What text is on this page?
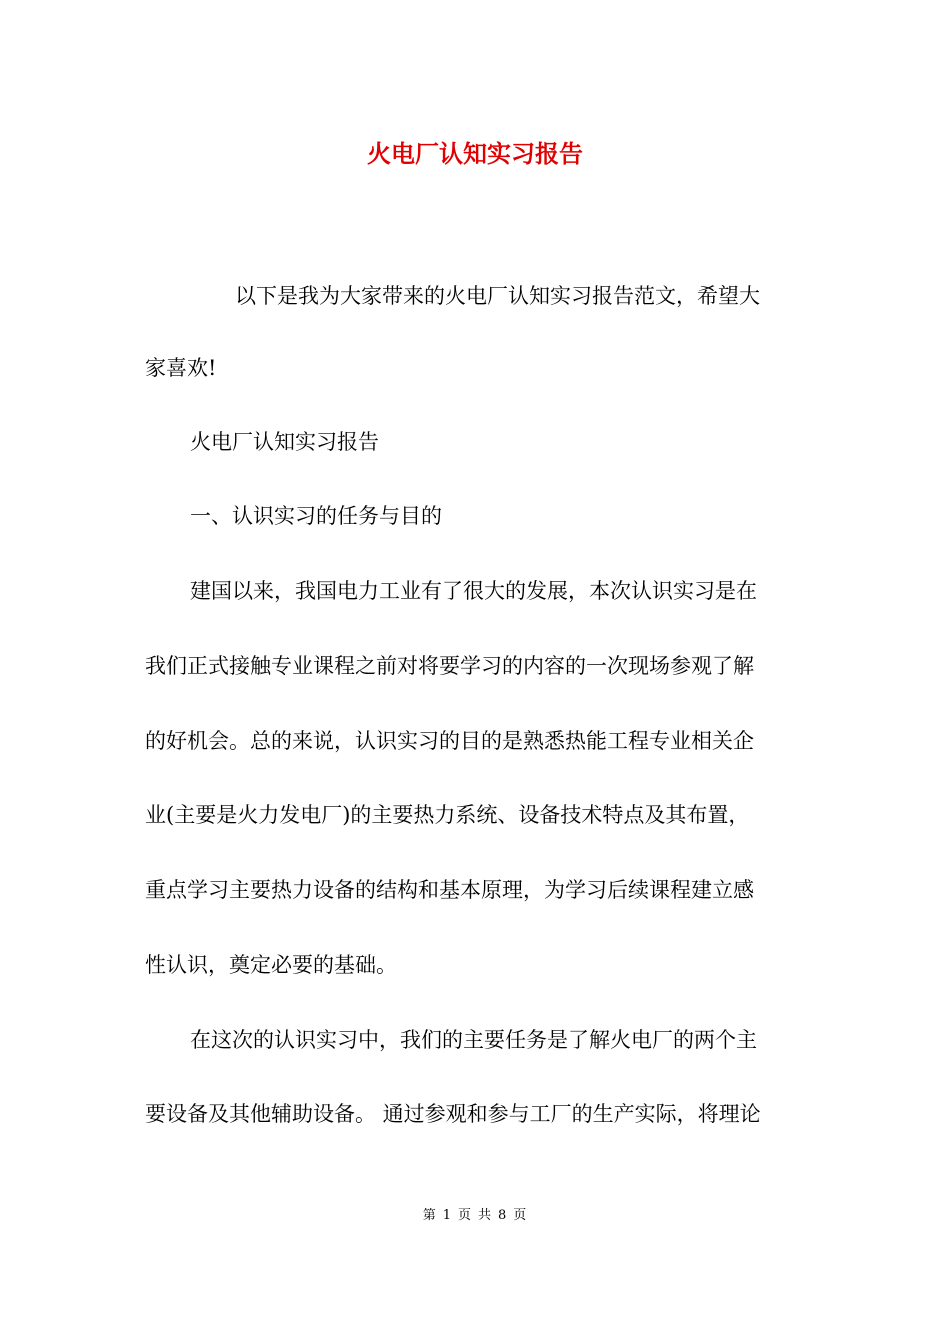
火电厂认知实习报告

以下是我为大家带来的火电厂认知实习报告范文，希望大

家喜欢!

火电厂认知实习报告

一、认识实习的任务与目的

建国以来，我国电力工业有了很大的发展，本次认识实习是在

我们正式接触专业课程之前对将要学习的内容的一次现场参观了解

的好机会。总的来说，认识实习的目的是熟悉热能工程专业相关企

业(主要是火力发电厂)的主要热力系统、设备技术特点及其布置，

重点学习主要热力设备的结构和基本原理，为学习后续课程建立感

性认识，奠定必要的基础。

在这次的认识实习中，我们的主要任务是了解火电厂的两个主

要设备及其他辅助设备。 通过参观和参与工厂的生产实际，将理论

第 1 页 共 8 页
